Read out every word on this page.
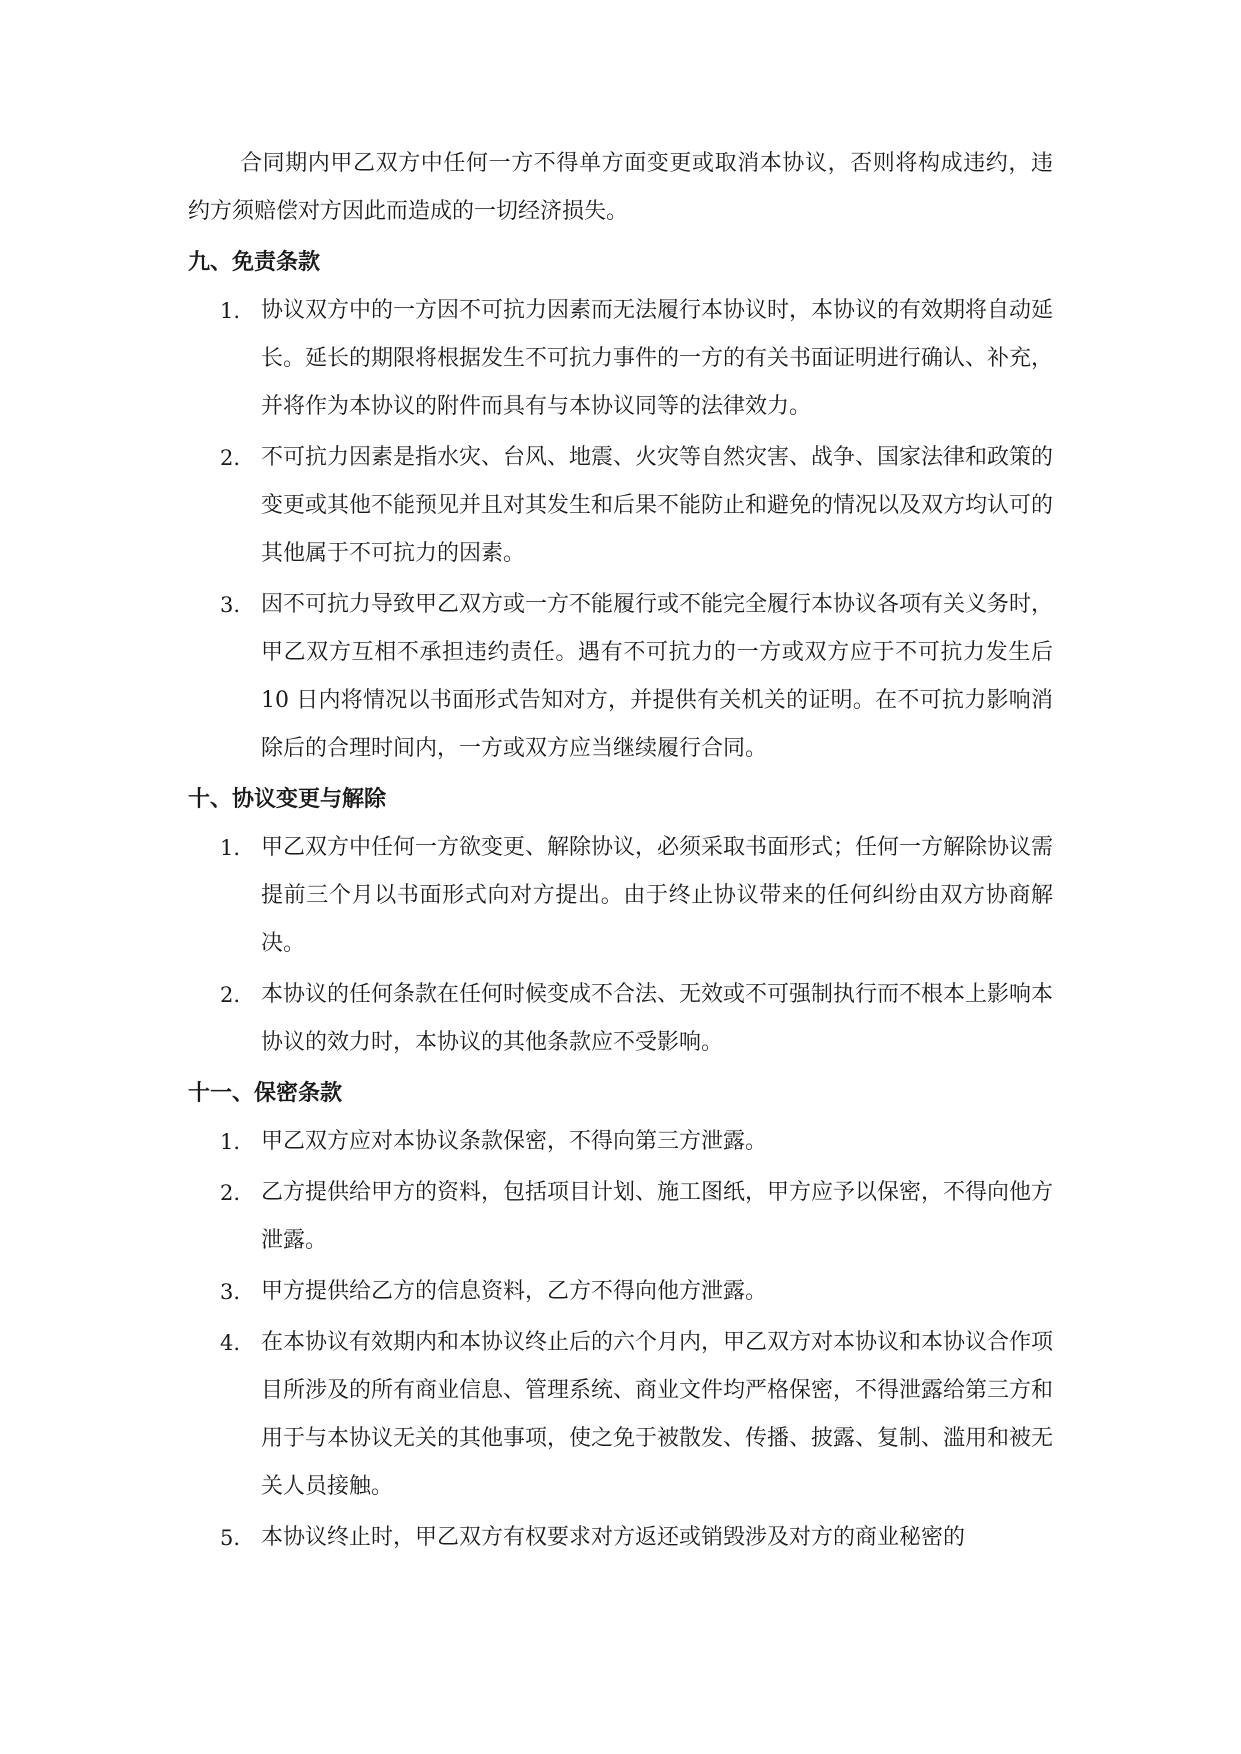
合同期内甲乙双方中任何一方不得单方面变更或取消本协议，否则将构成违约，违约方须赔偿对方因此而造成的一切经济损失。

九、免责条款
1. 协议双方中的一方因不可抗力因素而无法履行本协议时，本协议的有效期将自动延长。延长的期限将根据发生不可抗力事件的一方的有关书面证明进行确认、补充，并将作为本协议的附件而具有与本协议同等的法律效力。
2. 不可抗力因素是指水灾、台风、地震、火灾等自然灾害、战争、国家法律和政策的变更或其他不能预见并且对其发生和后果不能防止和避免的情况以及双方均认可的其他属于不可抗力的因素。
3. 因不可抗力导致甲乙双方或一方不能履行或不能完全履行本协议各项有关义务时，甲乙双方互相不承担违约责任。遇有不可抗力的一方或双方应于不可抗力发生后 10 日内将情况以书面形式告知对方，并提供有关机关的证明。在不可抗力影响消除后的合理时间内，一方或双方应当继续履行合同。
十、协议变更与解除
1. 甲乙双方中任何一方欲变更、解除协议，必须采取书面形式；任何一方解除协议需提前三个月以书面形式向对方提出。由于终止协议带来的任何纠纷由双方协商解决。
2. 本协议的任何条款在任何时候变成不合法、无效或不可强制执行而不根本上影响本协议的效力时，本协议的其他条款应不受影响。
十一、保密条款
1. 甲乙双方应对本协议条款保密，不得向第三方泄露。
2. 乙方提供给甲方的资料，包括项目计划、施工图纸，甲方应予以保密，不得向他方泄露。
3. 甲方提供给乙方的信息资料，乙方不得向他方泄露。
4. 在本协议有效期内和本协议终止后的六个月内，甲乙双方对本协议和本协议合作项目所涉及的所有商业信息、管理系统、商业文件均严格保密，不得泄露给第三方和用于与本协议无关的其他事项，使之免于被散发、传播、披露、复制、滥用和被无关人员接触。
5. 本协议终止时，甲乙双方有权要求对方返还或销毁涉及对方的商业秘密的
